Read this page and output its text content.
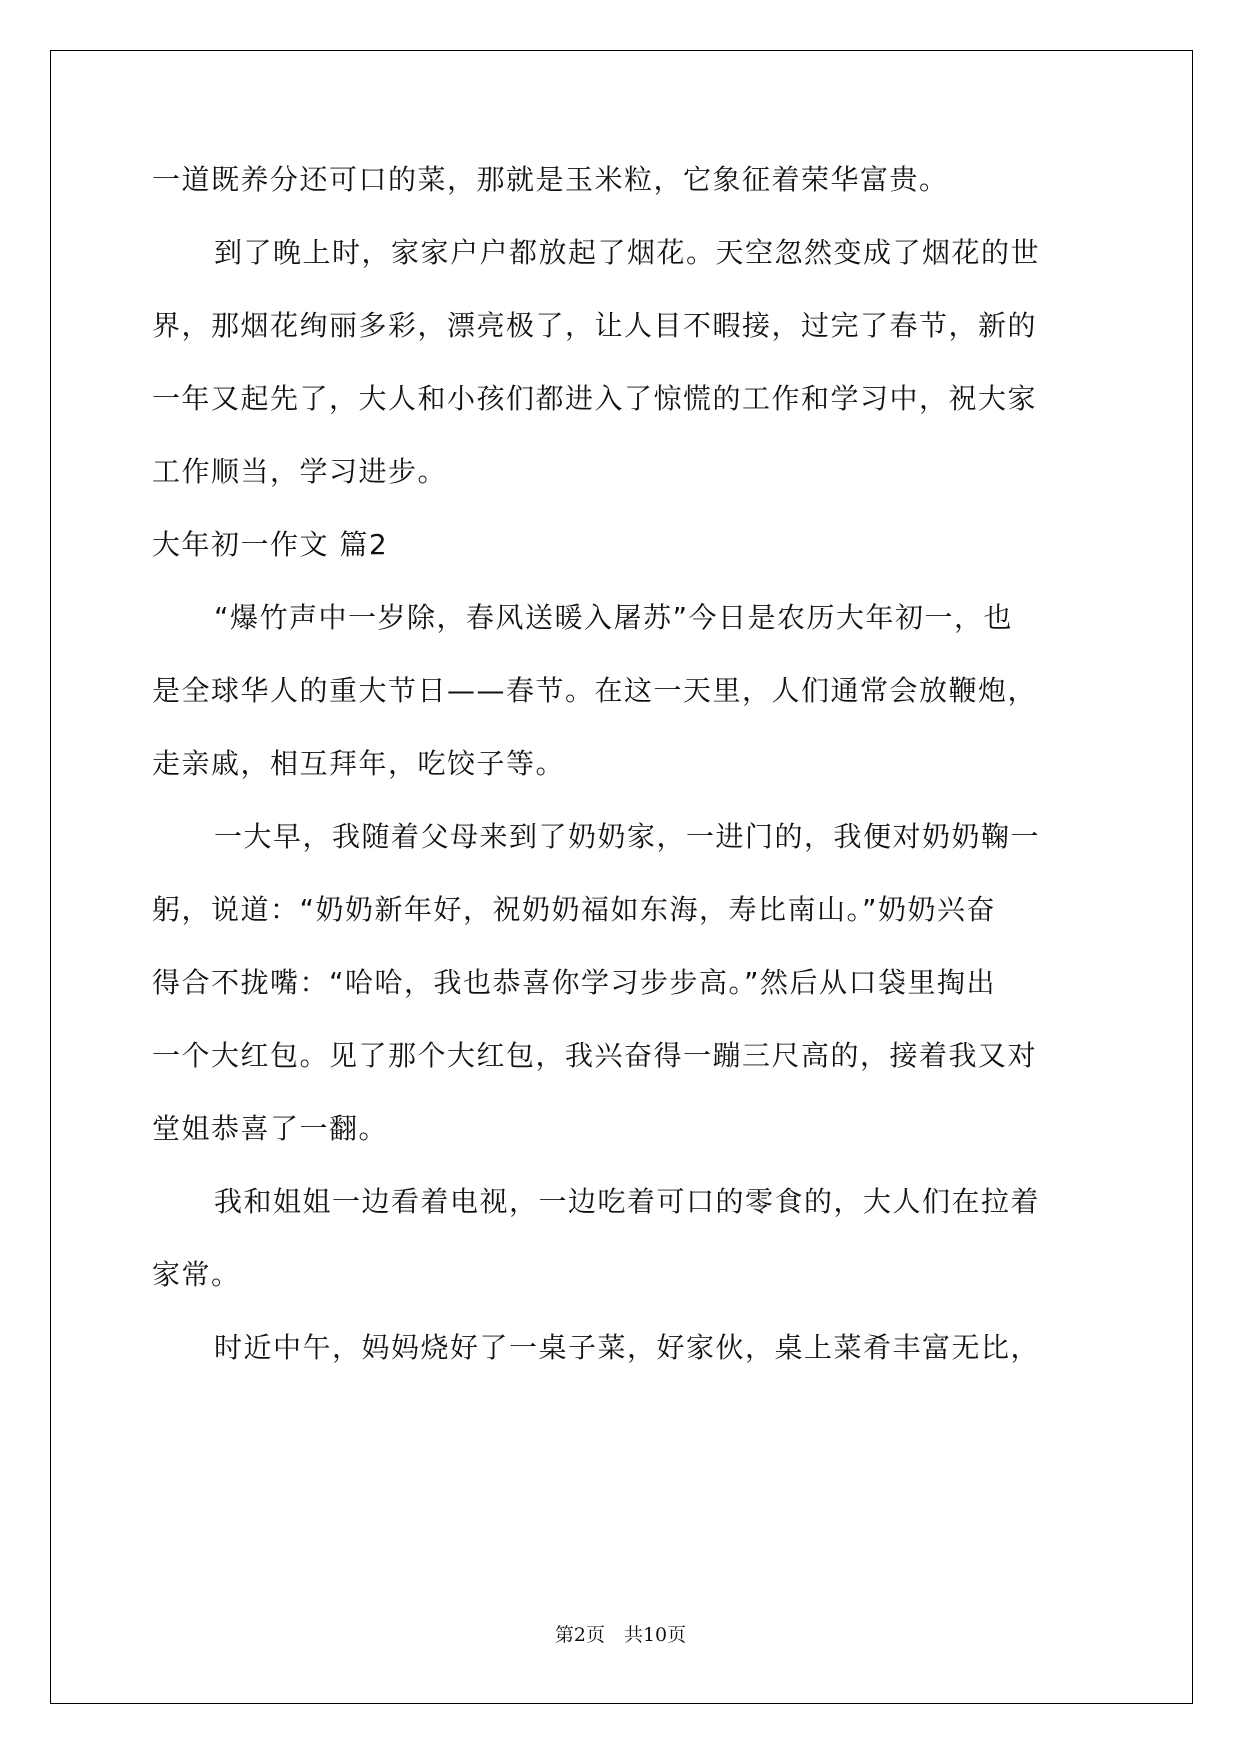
一道既养分还可口的菜，那就是玉米粒，它象征着荣华富贵。
到了晚上时，家家户户都放起了烟花。天空忽然变成了烟花的世
界，那烟花绚丽多彩，漂亮极了，让人目不暇接，过完了春节，新的
一年又起先了，大人和小孩们都进入了惊慌的工作和学习中，祝大家
工作顺当，学习进步。
大年初一作文 篇2
“爆竹声中一岁除，春风送暖入屠苏”今日是农历大年初一，也
是全球华人的重大节日——春节。在这一天里，人们通常会放鞭炮，
走亲戚，相互拜年，吃饺子等。
一大早，我随着父母来到了奶奶家，一进门的，我便对奶奶鞠一
躬，说道：“奶奶新年好，祝奶奶福如东海，寿比南山。”奶奶兴奋
得合不拢嘴：“哈哈，我也恭喜你学习步步高。”然后从口袋里掏出
一个大红包。见了那个大红包，我兴奋得一蹦三尺高的，接着我又对
堂姐恭喜了一翻。
我和姐姐一边看着电视，一边吃着可口的零食的，大人们在拉着
家常。
时近中午，妈妈烧好了一桌子菜，好家伙，桌上菜肴丰富无比，
第2页　共10页
